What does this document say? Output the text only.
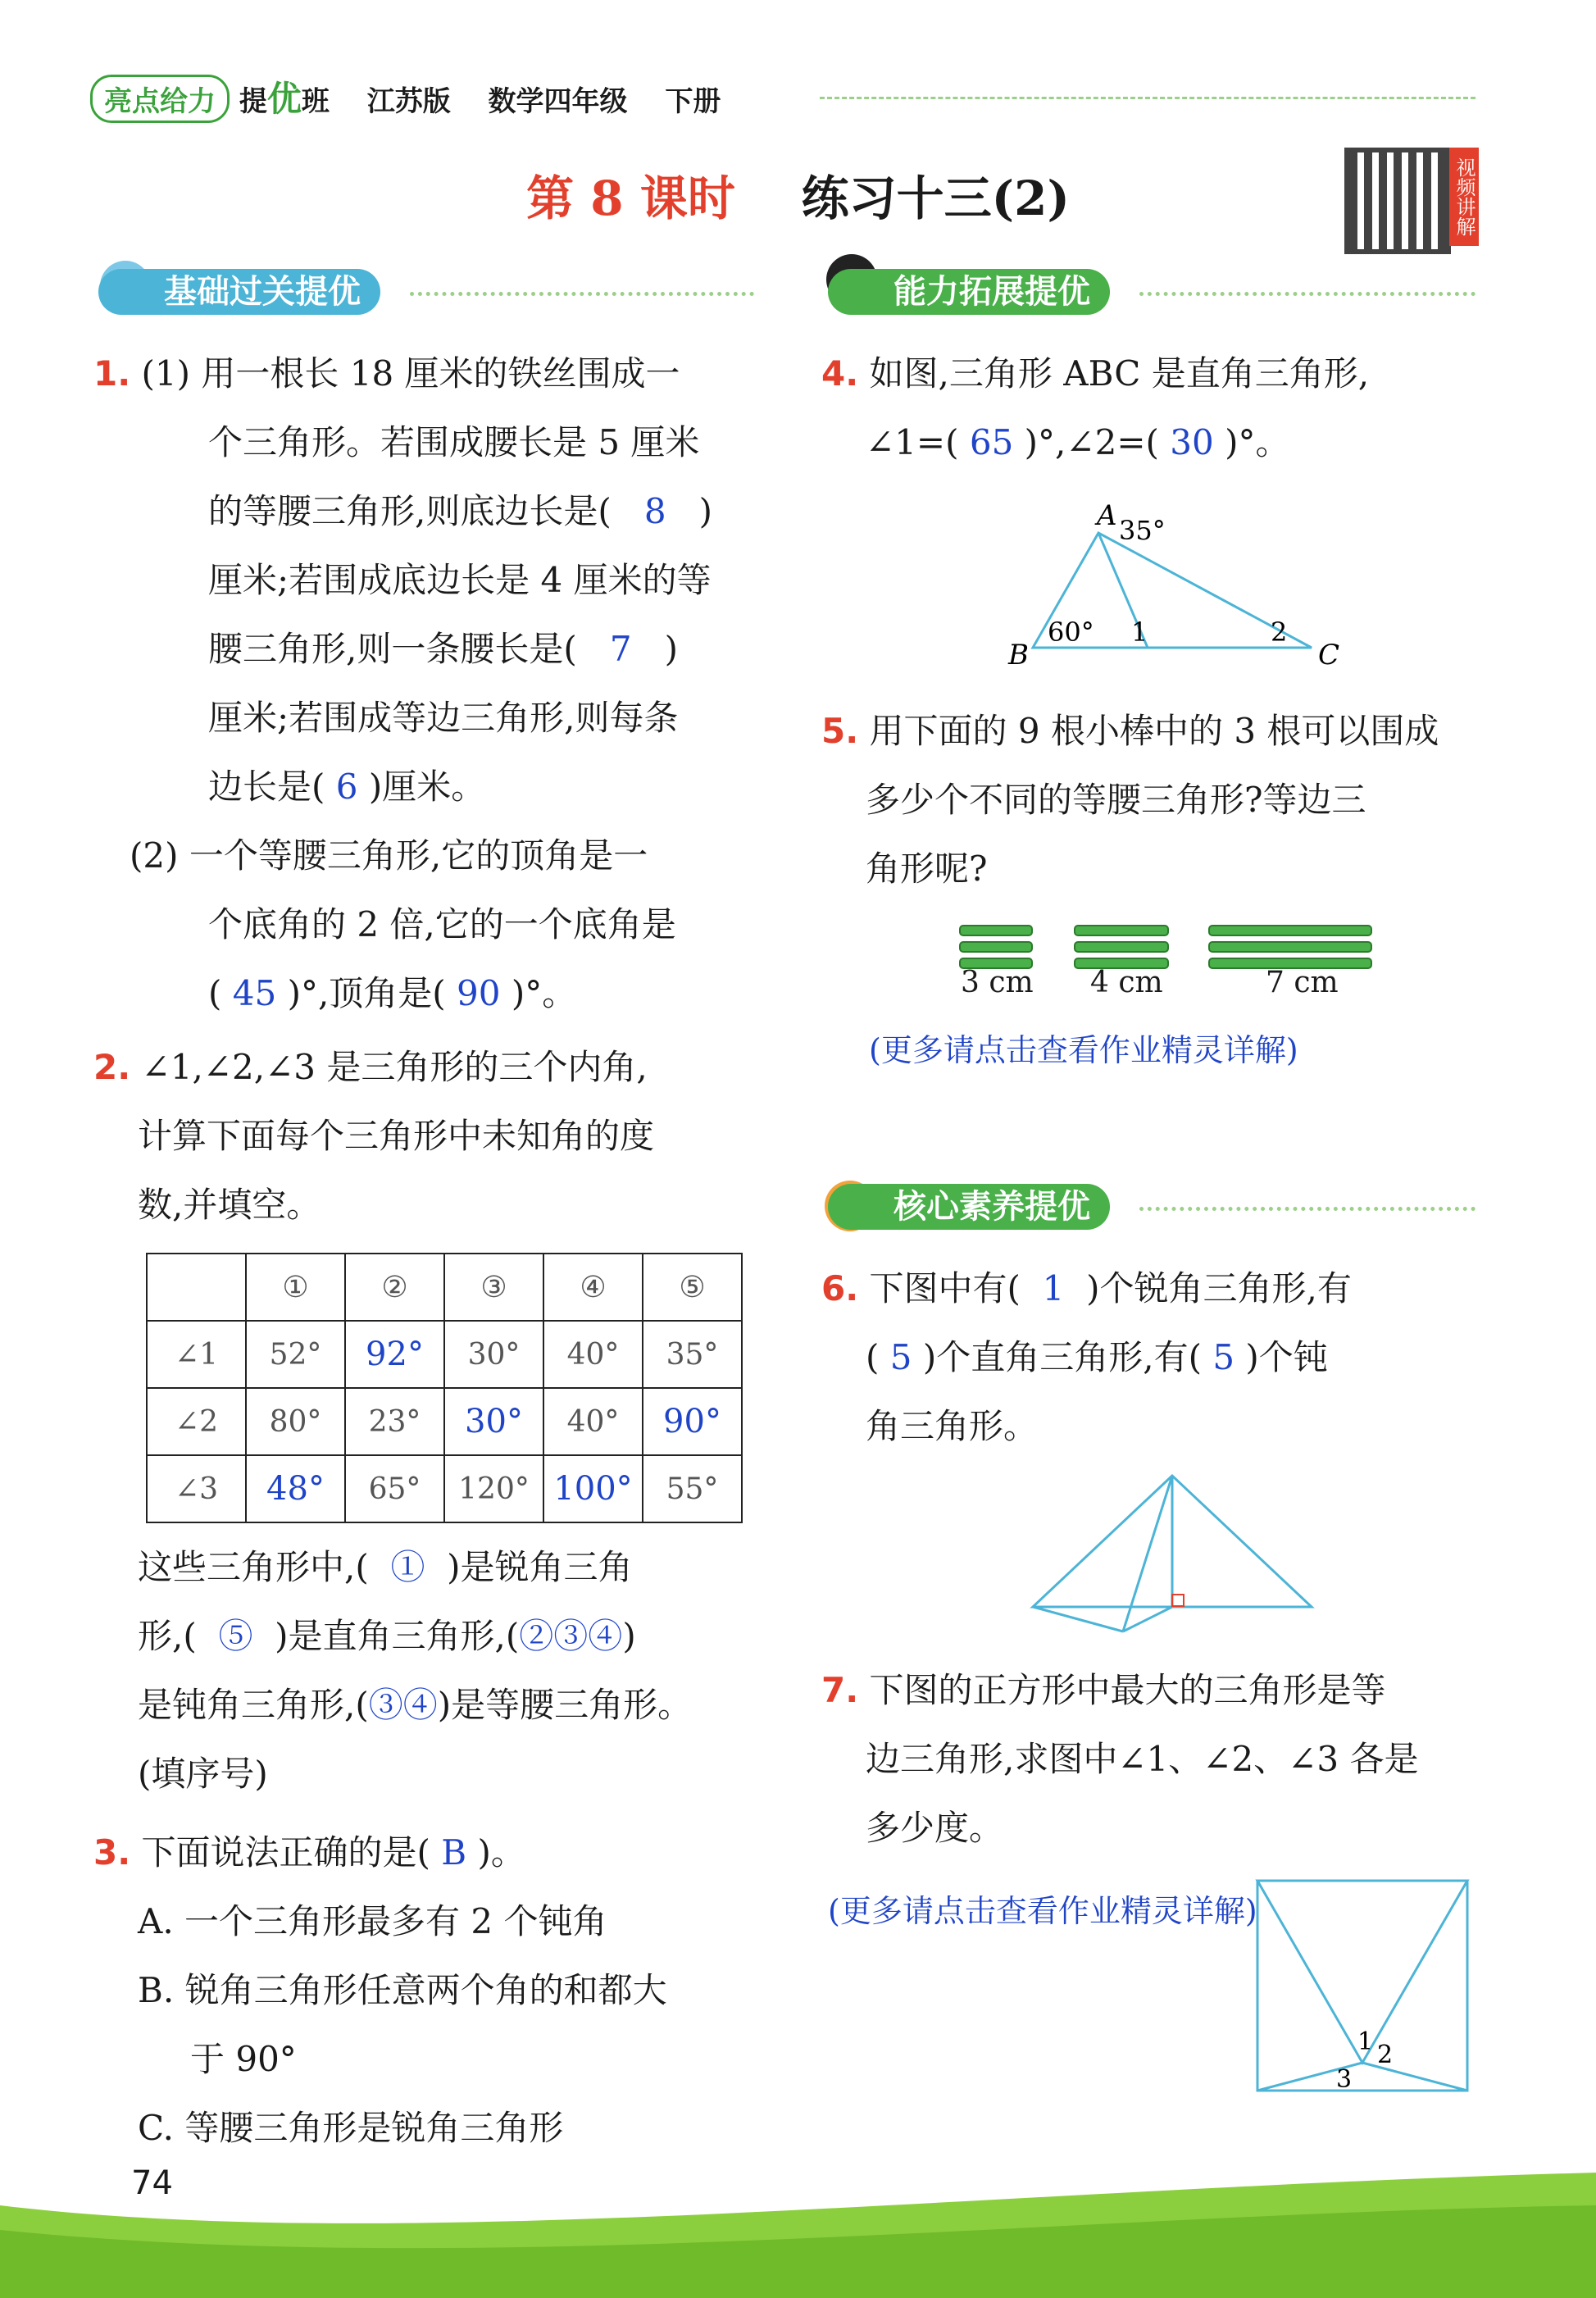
亮点给力 提优班 江苏版 数学四年级 下册
第 8 课时 练习十三(2)	视频讲解
基础过关提优
1. (1) 用一根长 18 厘米的铁丝围成一
个三角形。若围成腰长是 5 厘米
的等腰三角形,则底边长是( 8 )
厘米;若围成底边长是 4 厘米的等
腰三角形,则一条腰长是( 7 )
厘米;若围成等边三角形,则每条
边长是( 6 )厘米。
(2) 一个等腰三角形,它的顶角是一
个底角的 2 倍,它的一个底角是
( 45 )°,顶角是( 90 )°。
2. ∠1,∠2,∠3 是三角形的三个内角,
计算下面每个三角形中未知角的度
数,并填空。
	①	②	③	④	⑤
∠1	52°	92°	30°	40°	35°
∠2	80°	23°	30°	40°	90°
∠3	48°	65°	120°	100°	55°
这些三角形中,( ① )是锐角三角
形,( ⑤ )是直角三角形,(②③④)
是钝角三角形,(③④)是等腰三角形。
(填序号)
3. 下面说法正确的是( B )。
A. 一个三角形最多有 2 个钝角
B. 锐角三角形任意两个角的和都大
于 90°
C. 等腰三角形是锐角三角形
能力拓展提优
4. 如图,三角形 ABC 是直角三角形,
∠1=( 65 )°,∠2=( 30 )°。
A 35°
B
60° 1	2
C
5. 用下面的 9 根小棒中的 3 根可以围成
多少个不同的等腰三角形?等边三
角形呢?
3 cm 4 cm	7 cm
(更多请点击查看作业精灵详解)
核心素养提优
6. 下图中有( 1 )个锐角三角形,有
( 5 )个直角三角形,有( 5 )个钝
角三角形。
7. 下图的正方形中最大的三角形是等
边三角形,求图中∠1、∠2、∠3 各是
多少度。
1 2
3
(更多请点击查看作业精灵详解)
74
